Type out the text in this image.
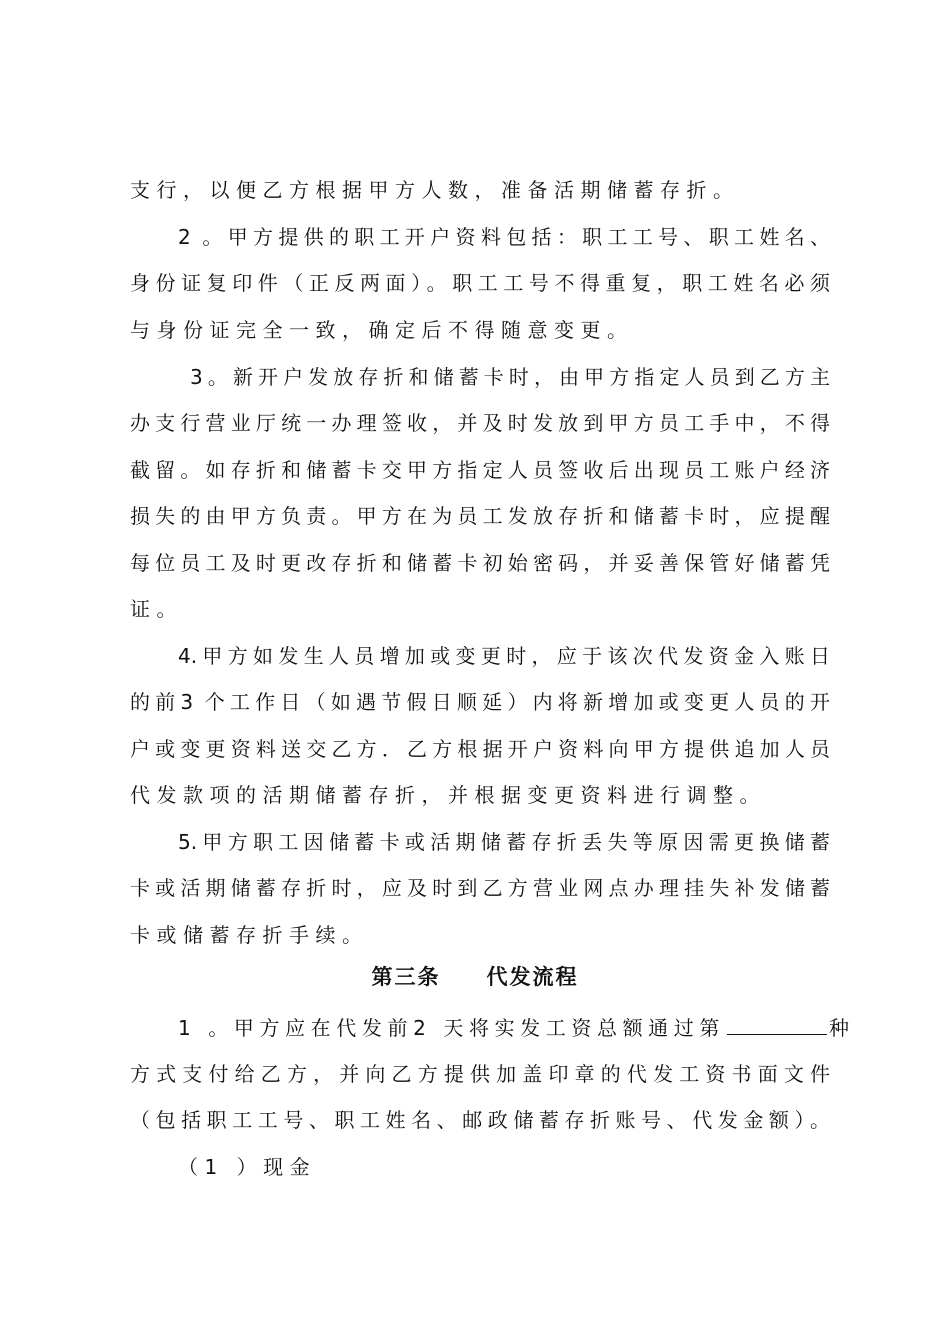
支行，以便乙方根据甲方人数，准备活期储蓄存折。
2 。甲方提供的职工开户资料包括：职工工号、职工姓名、
身份证复印件（正反两面）。职工工号不得重复，职工姓名必须
与身份证完全一致，确定后不得随意变更。
3。新开户发放存折和储蓄卡时，由甲方指定人员到乙方主
办支行营业厅统一办理签收，并及时发放到甲方员工手中，不得
截留。如存折和储蓄卡交甲方指定人员签收后出现员工账户经济
损失的由甲方负责。甲方在为员工发放存折和储蓄卡时，应提醒
每位员工及时更改存折和储蓄卡初始密码，并妥善保管好储蓄凭
证。
4.甲方如发生人员增加或变更时，应于该次代发资金入账日
的前3 个工作日（如遇节假日顺延）内将新增加或变更人员的开
户或变更资料送交乙方．乙方根据开户资料向甲方提供追加人员
代发款项的活期储蓄存折，并根据变更资料进行调整。
5.甲方职工因储蓄卡或活期储蓄存折丢失等原因需更换储蓄
卡或活期储蓄存折时，应及时到乙方营业网点办理挂失补发储蓄
卡或储蓄存折手续。
第三条　　代发流程
1 。甲方应在代发前2 天将实发工资总额通过第	种
方式支付给乙方，并向乙方提供加盖印章的代发工资书面文件
（包括职工工号、职工姓名、邮政储蓄存折账号、代发金额）。
（1 ）现金
